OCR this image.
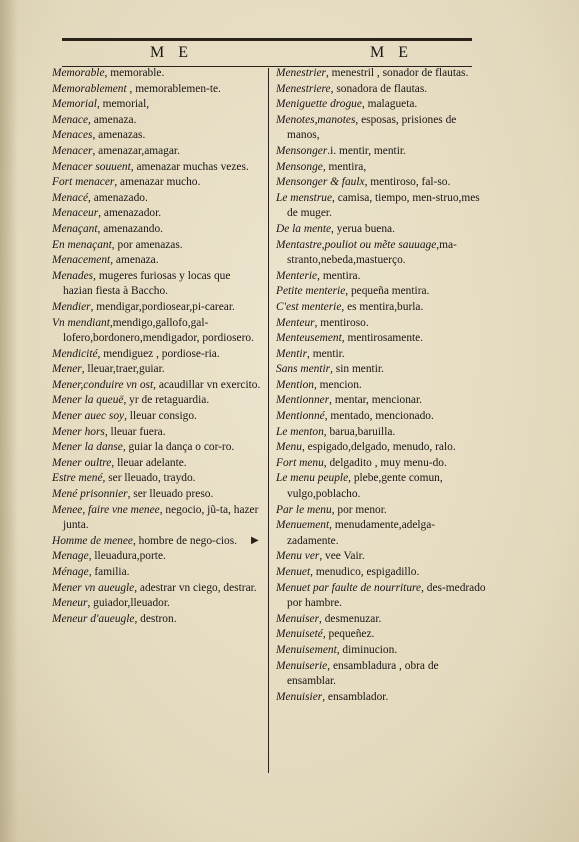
M E	M E
Memorable, memorable.
Memorablement , memorablemen-te.
Memorial, memorial,
Menace, amenaza.
Menaces, amenazas.
Menacer, amenazar,amagar.
Menacer souuent, amenazar muchas vezes.
Fort menacer, amenazar mucho.
Menacé, amenazado.
Menaceur, amenazador.
Menaçant, amenazando.
En menaçant, por amenazas.
Menacement, amenaza.
Menades, mugeres furiosas y locas que hazian fiesta à Baccho.
Mendier, mendigar,pordiosear,pi-carear.
Vn mendiant,mendigo,gallofo,gal-lofero,bordonero,mendigador, pordiosero.
Mendicité, mendiguez , pordiose-ria.
Mener, lleuar,traer,guiar.
Mener,conduire vn ost, acaudillar vn exercito.
Mener la queuë, yr de retaguardia.
Mener auec soy, lleuar consigo.
Mener hors, lleuar fuera.
Mener la danse, guiar la dança o cor-ro.
Mener oultre, lleuar adelante.
Estre mené, ser lleuado, traydo.
Mené prisonnier, ser lleuado preso.
Menee, faire vne menee, negocio, jũ-ta, hazer junta.
Homme de menee, hombre de nego-cios.
Menage, lleuadura,porte.
Ménage, familia.
Mener vn aueugle, adestrar vn ciego, destrar.
Meneur, guiador,lleuador.
Meneur d'aueugle, destron.
Menestrier, menestril , sonador de flautas.
Menestriere, sonadora de flautas.
Meniguette drogue, malagueta.
Menotes,manotes, esposas, prisiones de manos,
Mensonger.i. mentir, mentir.
Mensonge, mentira,
Mensonger & faulx, mentiroso, fal-so.
Le menstrue, camisa, tiempo, men-struo,mes de muger.
De la mente, yerua buena.
Mentastre,pouliot ou mẽte sauuage,ma-stranto,nebeda,mastuerço.
Menterie, mentira.
Petite menterie, pequeña mentira.
C'est menterie, es mentira,burla.
Menteur, mentiroso.
Menteusement, mentirosamente.
Mentir, mentir.
Sans mentir, sin mentir.
Mention, mencion.
Mentionner, mentar, mencionar.
Mentionné, mentado, mencionado.
Le menton, barua,baruilla.
Menu, espigado,delgado, menudo, ralo.
Fort menu, delgadito , muy menu-do.
Le menu peuple, plebe,gente comun, vulgo,poblacho.
Par le menu, por menor.
Menuement, menudamente,adelga-zadamente.
Menu ver, vee Vair.
Menuet, menudico, espigadillo.
Menuet par faulte de nourriture, des-medrado por hambre.
Menuiser, desmenuzar.
Menuiseté, pequeñez.
Menuisement, diminucion.
Menuiserie, ensambladura , obra de ensamblar.
Menuisier, ensamblador.
▶
